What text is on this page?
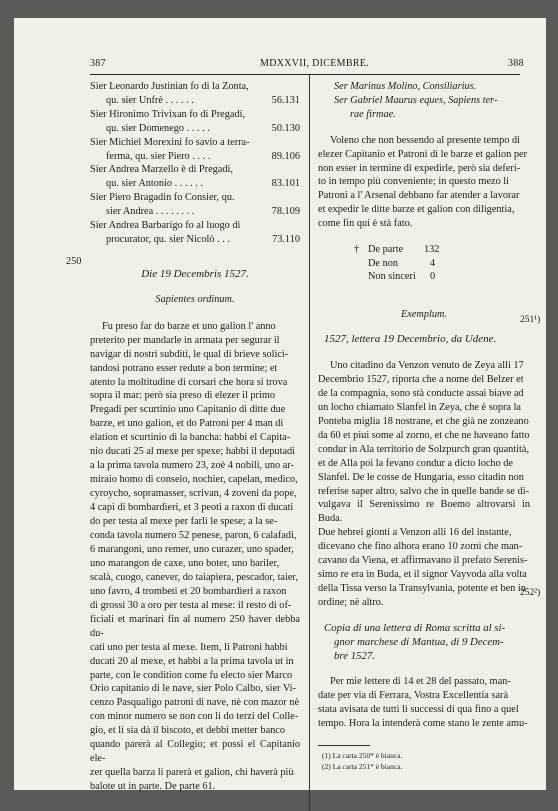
387	MDXXVII, DICEMBRE.	388

Sier Leonardo Justinian fo di la Zonta,

qu. sier Unfrè . . . . . .	56.131

Sier Hironimo Trivixan fo di Pregadi,

qu. sier Domenego . . . . .	50.130

Sier Michiel Morexini fo savio a terra-

ferma, qu. sier Piero . . . .	89.106

Sier Andrea Marzello è di Pregadi,

qu. sier Antonio . . . . . .	83.101

Sier Piero Bragadin fo Consier, qu.

sier Andrea . . . . . . . .	78.109

Sier Andrea Barbarigo fo al luogo di

procurator, qu. sier Nicolò . . .	73.110

Die 19 Decembris 1527.

Sapientes ordinum.

Fu preso far do barze et uno galion l' anno

preterito per mandarle in armata per segurar il

navigar di nostri subditi, le qual di brieve solici-

tandosi potrano esser redute a bon termine; et

atento la moltitudine di corsari che hora si trova

sopra il mar: però sia preso di elezer il primo

Pregadi per scurtinio uno Capitanio di ditte due

barze, et uno galion, et do Patroni per 4 man di

elation et scurtinio di la bancha: habbi el Capita-

nio ducati 25 al mexe per spexe; habbi il deputadi

a la prima tavola numero 23, zoè 4 nobili, uno ar-

miraio homo di conseio, nochier, capelan, medico,

cyroycho, sopramasser, scrivan, 4 zoveni da pope,

4 capi di bombardieri, et 3 peoti a raxon di ducati

do per testa al mexe per farli le spese; a la se-

conda tavola numero 52 penese, paron, 6 calafadi,

6 marangoni, uno remer, uno curazer, uno spader,

uno marangon de caxe, uno boter, uno bariler,

scalà, cuogo, canever, do taiapiera, pescador, taier,

uno favro, 4 trombeti et 20 bombardieri a raxon

di grossi 30 a oro per testa al mese: il resto di of-

ficiali et marinari fin al numero 250 haver debba du-

cati uno per testa al mexe. Item, li Patroni habbi

ducati 20 al mexe, et habbi a la prima tavola ut in

parte, con le condition come fu electo sier Marco

Orio capitanio di le nave, sier Polo Calbo, sier Vi-

cenzo Pasqualigo patroni di nave, nè con mazor nè

con minor numero se non con li do terzi del Colle-

gio, et li sia dà il biscoto, et debbi metter banco

quando parerà al Collegio; et possi el Capitanio ele-

zer quella barza li parerà et galion, chi haverà più

balote ut in parte. De parte 61.

250

Ser Marinus Molino, Consiliarius.

Ser Gabriel Maurus eques, Sapiens ter-

rae firmae.

Voleno che non bessendo al presente tempo di

elezer Capitanio et Patroni di le barze et galion per

non esser in termine di expedirle, però sia deferi-

to in tempo più conveniente; in questo mezo li

Patroni a l' Arsenal debbano far atender a lavorar

et expedir le ditte barze et galion con diligentia,

come fin qui è stà fato.

† De parte	132
De non	4
Non sinceri	0

Exemplum.

1527, lettera 19 Decembrio, da Udene.

Uno citadino da Venzon venuto de Zeya alli 17

Decembrio 1527, riporta che a nome del Belzer et

de la compagnia, sono stà conducte assai biave ad

un locho chiamato Slanfel in Zeya, che è sopra la

Ponteba miglia 18 nostrane, et che già ne zonzeano

da 60 et piui some al zorno, et che ne haveano fatto

condur in Ala territorio de Solzpurch gran quantità,

et de Alla poi la fevano condur a dicto locho de

Slanfel. De le cosse de Hungaria, esso citadin non

referise saper altro, salvo che in quelle bande se di-

vulgava il Serenissimo re Boemo altrovarsi in Buda.

Due hebrei gionti a Venzon alli 16 del instante,

dicevano che fino alhora erano 10 zorni che man-

cavano da Viena, et affirmavano il prefato Serenis-

simo re era in Buda, et il signor Vayvoda alla volta

della Tissa verso la Transylvania, potente et ben in

ordine; nè altro.

Copia di una lettera di Roma scritta al si-

gnor marchese di Mantua, di 9 Decem-

bre 1527.

Per mie lettere di 14 et 28 del passato, man-

date per via di Ferrara, Vostra Excellentia sarà

stata avisata de tutti li successi di qua fino a quel

tempo. Hora la intenderà come stano le zente amu-

(1) La carta 250* è bianca.

(2) La carta 251* è bianca.

251¹)
252²)
